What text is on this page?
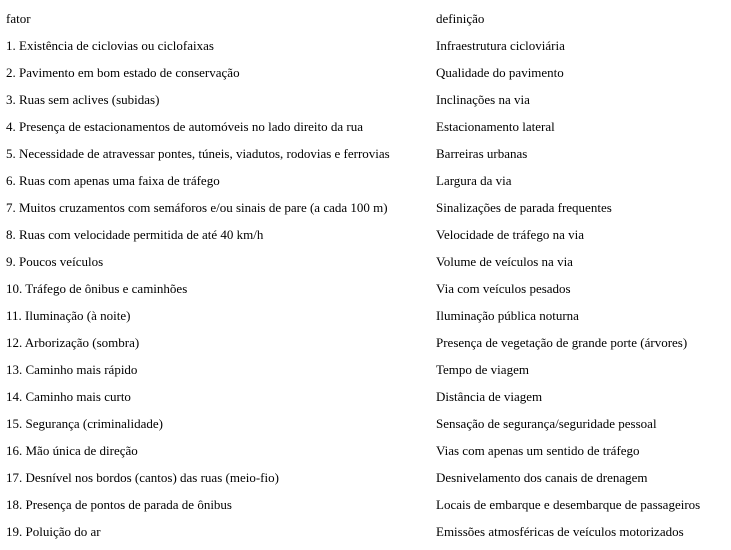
fator	definição
1. Existência de ciclovias ou ciclofaixas	Infraestrutura cicloviária
2. Pavimento em bom estado de conservação	Qualidade do pavimento
3. Ruas sem aclives (subidas)	Inclinações na via
4. Presença de estacionamentos de automóveis no lado direito da rua	Estacionamento lateral
5. Necessidade de atravessar pontes, túneis, viadutos, rodovias e ferrovias	Barreiras urbanas
6. Ruas com apenas uma faixa de tráfego	Largura da via
7. Muitos cruzamentos com semáforos e/ou sinais de pare (a cada 100 m)	Sinalizações de parada frequentes
8. Ruas com velocidade permitida de até 40 km/h	Velocidade de tráfego na via
9. Poucos veículos	Volume de veículos na via
10. Tráfego de ônibus e caminhões	Via com veículos pesados
11. Iluminação (à noite)	Iluminação pública noturna
12. Arborização (sombra)	Presença de vegetação de grande porte (árvores)
13. Caminho mais rápido	Tempo de viagem
14. Caminho mais curto	Distância de viagem
15. Segurança (criminalidade)	Sensação de segurança/seguridade pessoal
16. Mão única de direção	Vias com apenas um sentido de tráfego
17. Desnível nos bordos (cantos) das ruas (meio-fio)	Desnivelamento dos canais de drenagem
18. Presença de pontos de parada de ônibus	Locais de embarque e desembarque de passageiros
19. Poluição do ar	Emissões atmosféricas de veículos motorizados
